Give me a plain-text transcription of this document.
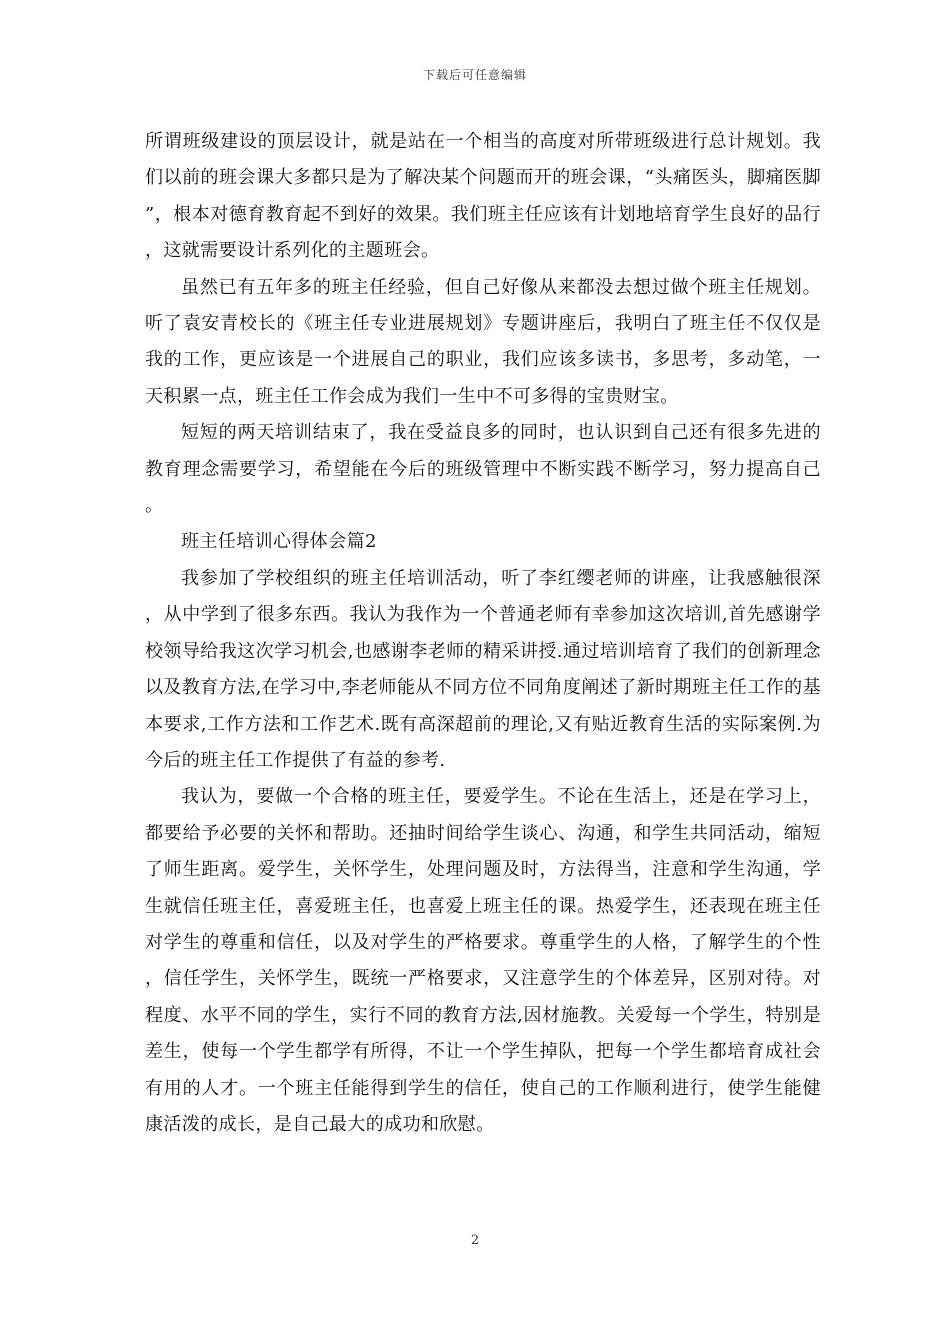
下载后可任意编辑

所谓班级建设的顶层设计，就是站在一个相当的高度对所带班级进行总计规划。我们以前的班会课大多都只是为了解决某个问题而开的班会课，“头痛医头，脚痛医脚”，根本对德育教育起不到好的效果。我们班主任应该有计划地培育学生良好的品行，这就需要设计系列化的主题班会。

虽然已有五年多的班主任经验，但自己好像从来都没去想过做个班主任规划。听了袁安青校长的《班主任专业进展规划》专题讲座后，我明白了班主任不仅仅是我的工作，更应该是一个进展自己的职业，我们应该多读书，多思考，多动笔，一天积累一点，班主任工作会成为我们一生中不可多得的宝贵财宝。

短短的两天培训结束了，我在受益良多的同时，也认识到自己还有很多先进的教育理念需要学习，希望能在今后的班级管理中不断实践不断学习，努力提高自己。

班主任培训心得体会篇2

我参加了学校组织的班主任培训活动，听了李红缨老师的讲座，让我感触很深，从中学到了很多东西。我认为我作为一个普通老师有幸参加这次培训,首先感谢学校领导给我这次学习机会,也感谢李老师的精采讲授.通过培训培育了我们的创新理念以及教育方法,在学习中,李老师能从不同方位不同角度阐述了新时期班主任工作的基本要求,工作方法和工作艺术.既有高深超前的理论,又有贴近教育生活的实际案例.为今后的班主任工作提供了有益的参考.

我认为，要做一个合格的班主任，要爱学生。不论在生活上，还是在学习上，都要给予必要的关怀和帮助。还抽时间给学生谈心、沟通，和学生共同活动，缩短了师生距离。爱学生，关怀学生，处理问题及时，方法得当，注意和学生沟通，学生就信任班主任，喜爱班主任，也喜爱上班主任的课。热爱学生，还表现在班主任对学生的尊重和信任，以及对学生的严格要求。尊重学生的人格，了解学生的个性，信任学生，关怀学生，既统一严格要求，又注意学生的个体差异，区别对待。对程度、水平不同的学生，实行不同的教育方法,因材施教。关爱每一个学生，特别是差生，使每一个学生都学有所得，不让一个学生掉队，把每一个学生都培育成社会有用的人才。一个班主任能得到学生的信任，使自己的工作顺利进行，使学生能健康活泼的成长，是自己最大的成功和欣慰。

2
